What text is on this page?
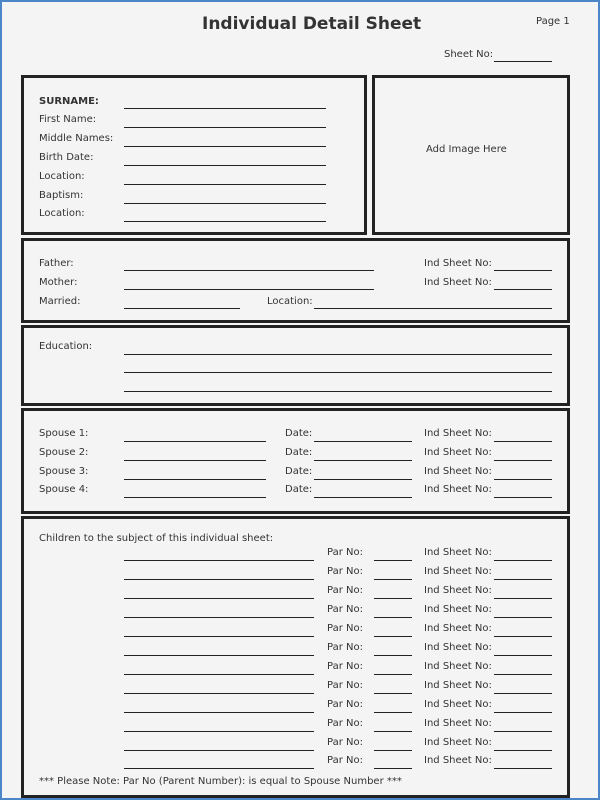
Individual Detail Sheet	Page 1
Sheet No:
SURNAME:
First Name:
Middle Names:
Birth Date:
Location:
Baptism:
Location:
Add Image Here
Father:	Ind Sheet No:
Mother:	Ind Sheet No:
Married:	Location:
Education:
Spouse 1:	Date:	Ind Sheet No:
Spouse 2:	Date:	Ind Sheet No:
Spouse 3:	Date:	Ind Sheet No:
Spouse 4:	Date:	Ind Sheet No:
Children to the subject of this individual sheet:
Par No:	Ind Sheet No:
Par No:	Ind Sheet No:
Par No:	Ind Sheet No:
Par No:	Ind Sheet No:
Par No:	Ind Sheet No:
Par No:	Ind Sheet No:
Par No:	Ind Sheet No:
Par No:	Ind Sheet No:
Par No:	Ind Sheet No:
Par No:	Ind Sheet No:
Par No:	Ind Sheet No:
Par No:	Ind Sheet No:
*** Please Note: Par No (Parent Number): is equal to Spouse Number ***
